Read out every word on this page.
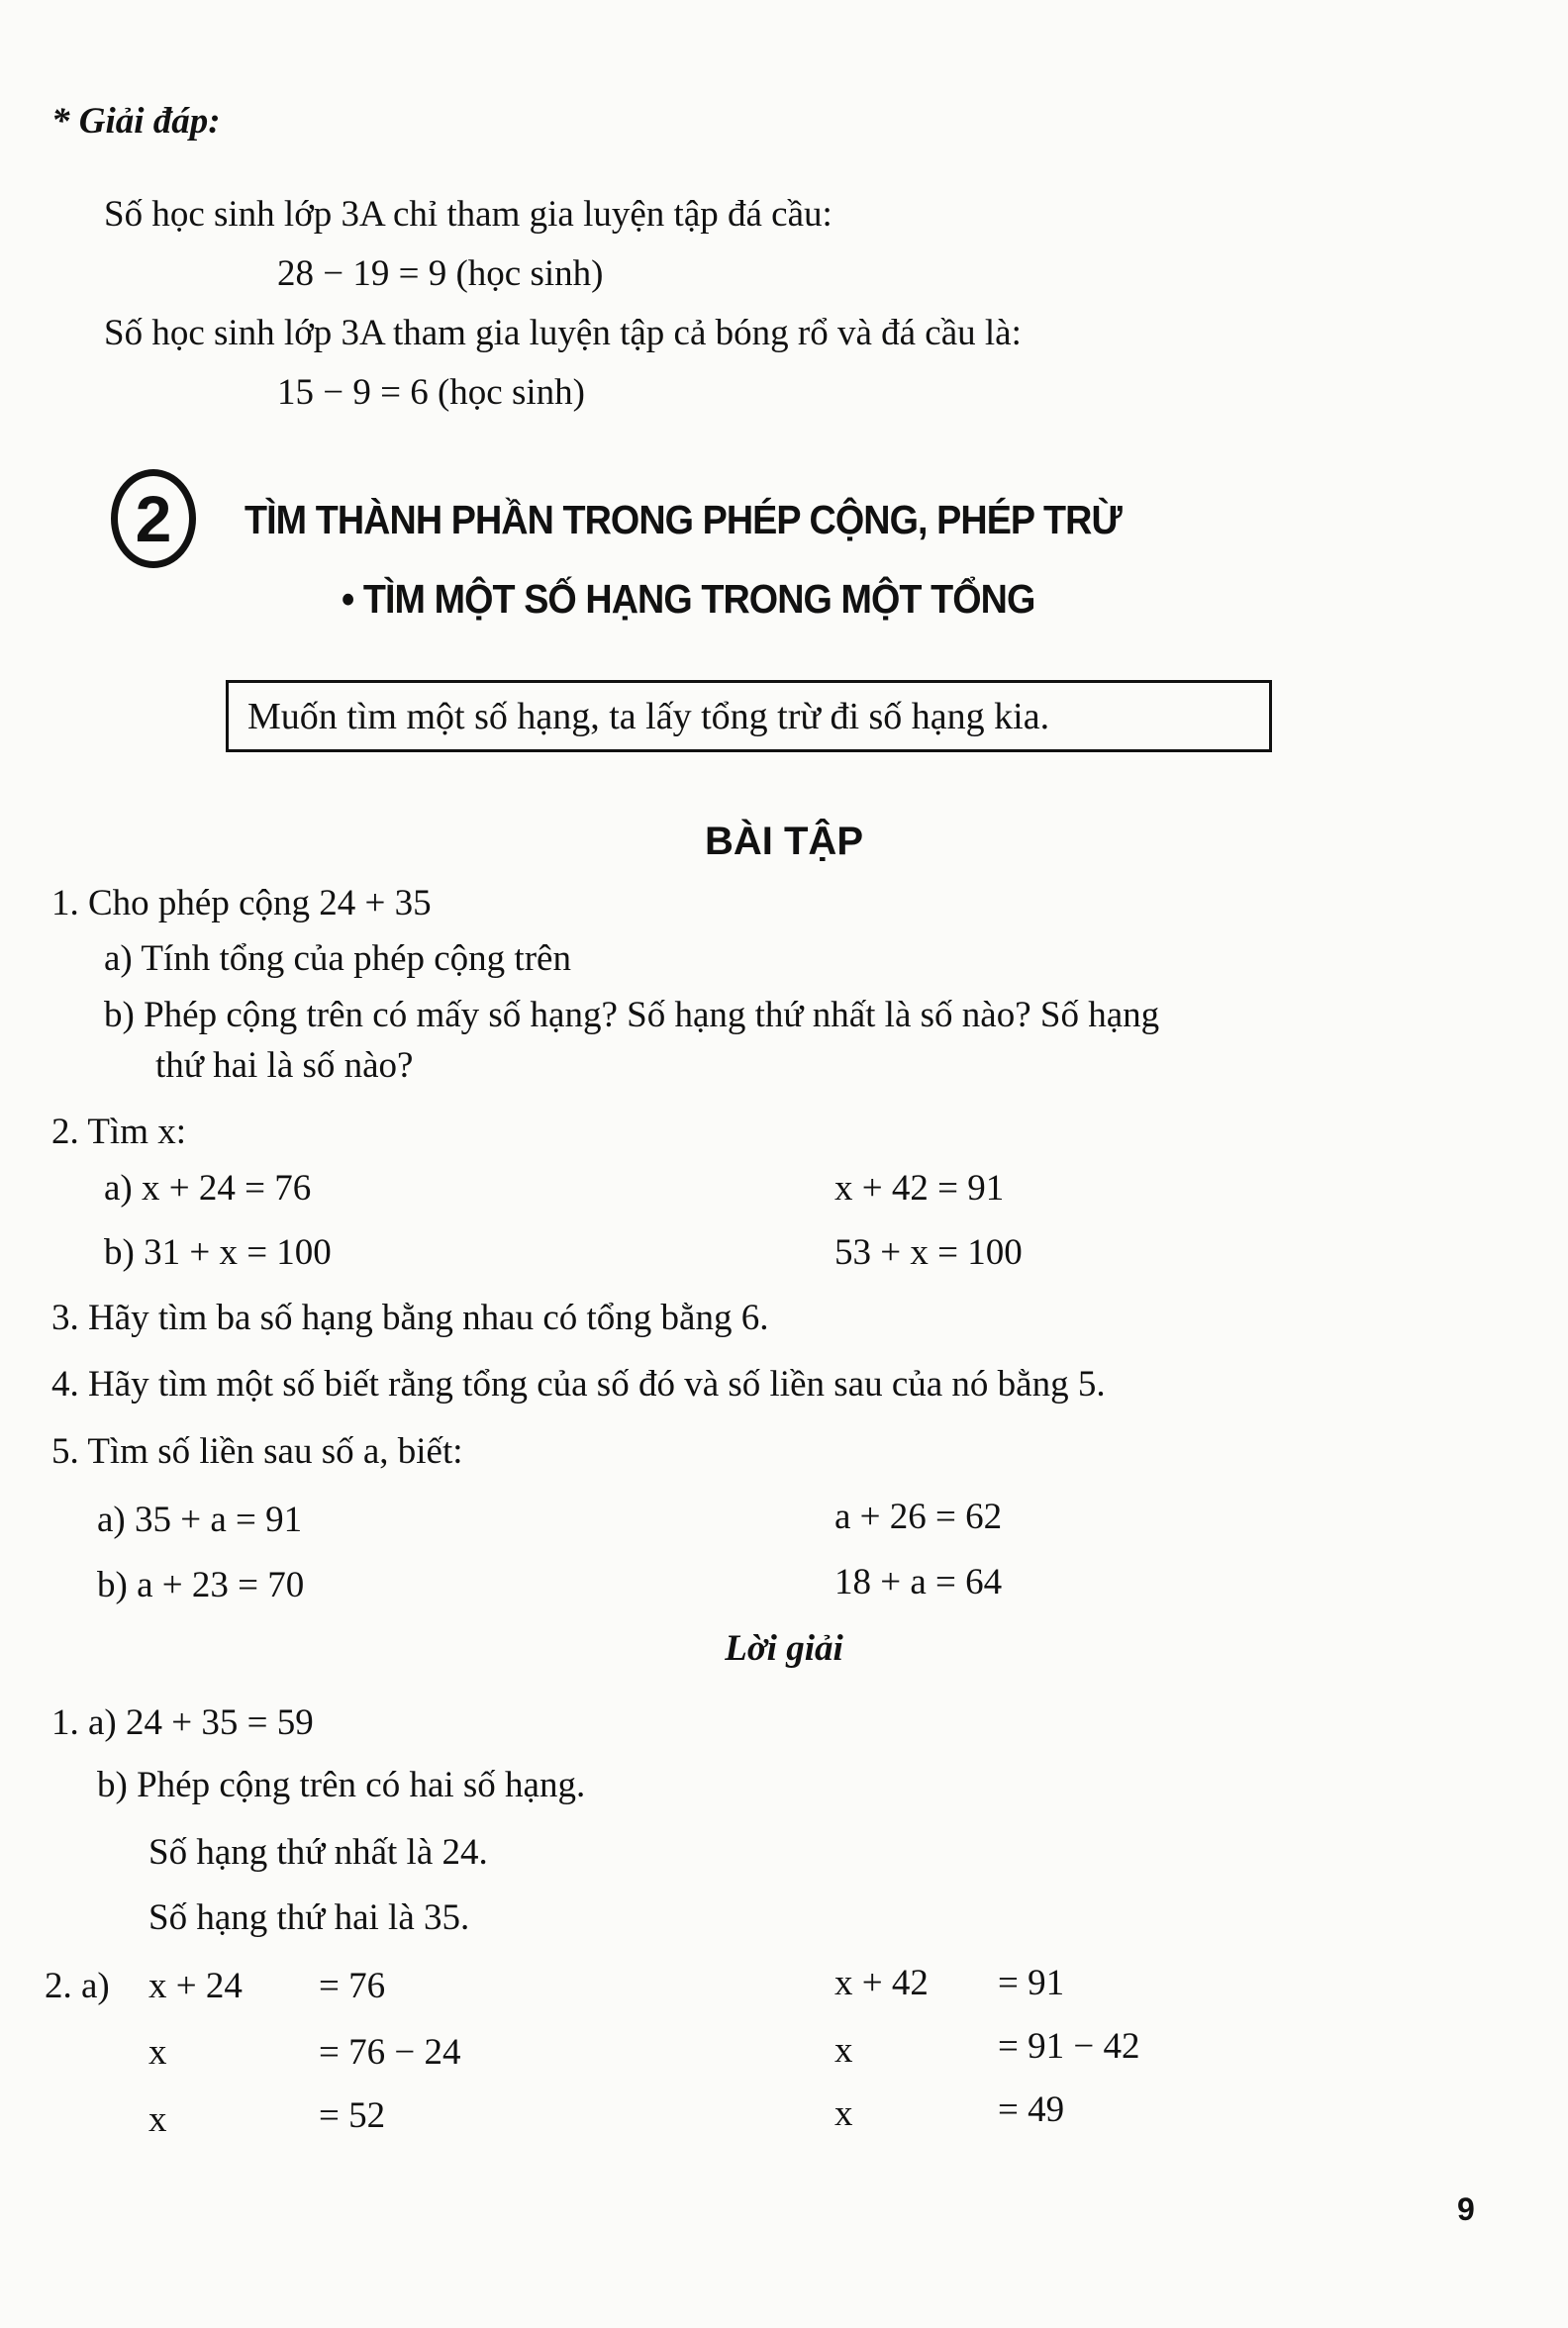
* Giải đáp:
Số học sinh lớp 3A chỉ tham gia luyện tập đá cầu:
28 − 19 = 9 (học sinh)
Số học sinh lớp 3A tham gia luyện tập cả bóng rổ và đá cầu là:
15 − 9 = 6 (học sinh)
2	TÌM THÀNH PHẦN TRONG PHÉP CỘNG, PHÉP TRỪ
• TÌM MỘT SỐ HẠNG TRONG MỘT TỔNG
Muốn tìm một số hạng, ta lấy tổng trừ đi số hạng kia.
BÀI TẬP
1. Cho phép cộng 24 + 35
a) Tính tổng của phép cộng trên
b) Phép cộng trên có mấy số hạng? Số hạng thứ nhất là số nào? Số hạng
thứ hai là số nào?
2. Tìm x:
a) x + 24 = 76	x + 42 = 91
b) 31 + x = 100	53 + x = 100
3. Hãy tìm ba số hạng bằng nhau có tổng bằng 6.
4. Hãy tìm một số biết rằng tổng của số đó và số liền sau của nó bằng 5.
5. Tìm số liền sau số a, biết:
a) 35 + a = 91	a + 26 = 62
b) a + 23 = 70	18 + a = 64
Lời giải
1. a) 24 + 35 = 59
b) Phép cộng trên có hai số hạng.
Số hạng thứ nhất là 24.
Số hạng thứ hai là 35.
2. a) x + 24 = 76
x	= 76 − 24
x	= 52
x + 42 = 91
x	= 91 − 42
x	= 49
9
